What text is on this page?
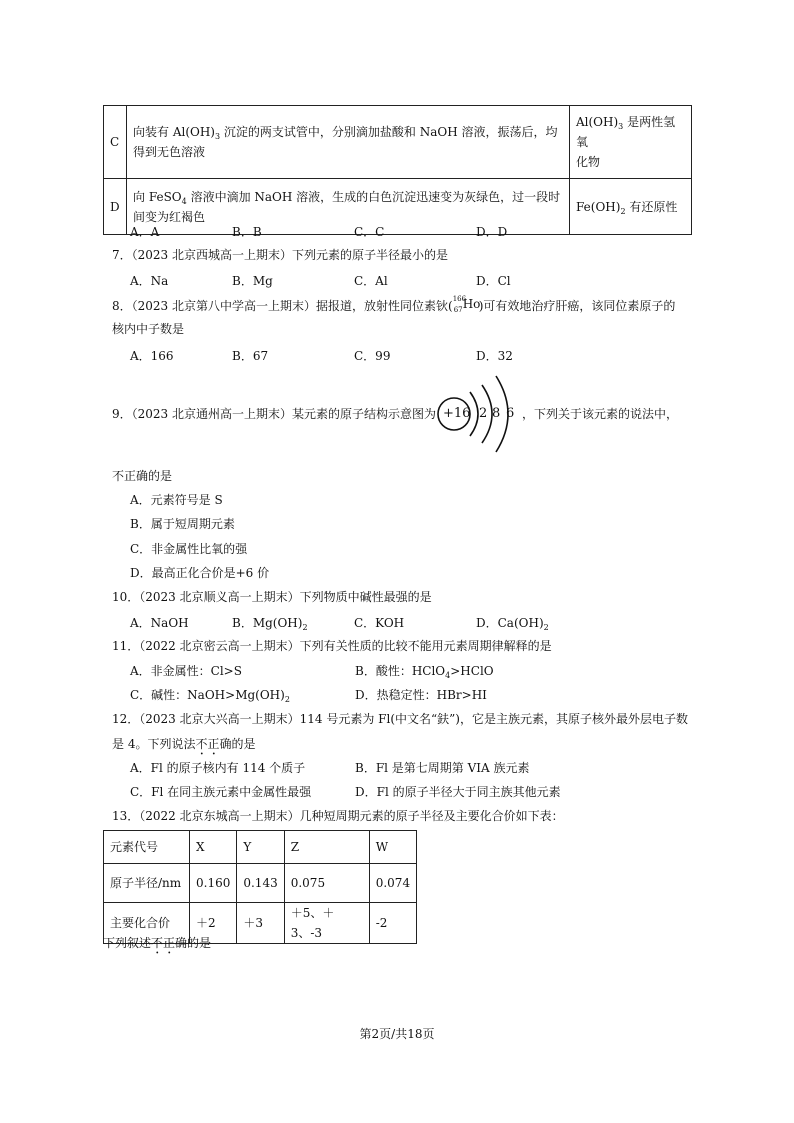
C	向装有 $Al(OH)_3$ 沉淀的两支试管中，分别滴加盐酸和 NaOH 溶液，振荡后，均
得到无色溶液	$Al(OH)_3$ 是两性氢氧
化物
D	向 FeSO$_4$ 溶液中滴加 NaOH 溶液，生成的白色沉淀迅速变为灰绿色，过一段时
间变为红褐色	$Fe(OH)_2$ 有还原性
A．A	B．B	C．C	D．D
7．（2023 北京西城高一上期末）下列元素的原子半径最小的是
A．Na	B．Mg	C．Al	D．Cl
8．（2023 北京第八中学高一上期末）据报道，放射性同位素钬( 166
67 Ho
)可有效地治疗肝癌，该同位素原子的
核内中子数是
A．166	B．67	C．99	D．32
9．（2023 北京通州高一上期末）某元素的原子结构示意图为 +16 2 8 6 ，下列关于该元素的说法中，
不正确的是
A．元素符号是 S
B．属于短周期元素
C．非金属性比氧的强
D．最高正化合价是+6 价
10．（2023 北京顺义高一上期末）下列物质中碱性最强的是
A．NaOH	B．$Mg(OH)_2$	C．KOH	D．$Ca(OH)_2$
11．（2022 北京密云高一上期末）下列有关性质的比较不能用元素周期律解释的是
A．非金属性：Cl>S	B．酸性：HClO$_4$>HClO
C．碱性：$NaOH>Mg(OH)_2$	D．热稳定性：HBr>HI
12．（2023 北京大兴高一上期末）114 号元素为 Fl(中文名“鈇”)，它是主族元素，其原子核外最外层电子数
是 4。下列说法不正确的是
A．Fl 的原子核内有 114 个质子	B．Fl 是第七周期第 VIA 族元素
C．Fl 在同主族元素中金属性最强	D．Fl 的原子半径大于同主族其他元素
13．（2022 北京东城高一上期末）几种短周期元素的原子半径及主要化合价如下表：
元素代号	X	Y	Z	W
原子半径/nm	0.160	0.143	0.075	0.074
主要化合价	＋2	＋3	＋5、＋3、-3	-2
下列叙述不正确的是
第2页/共18页
